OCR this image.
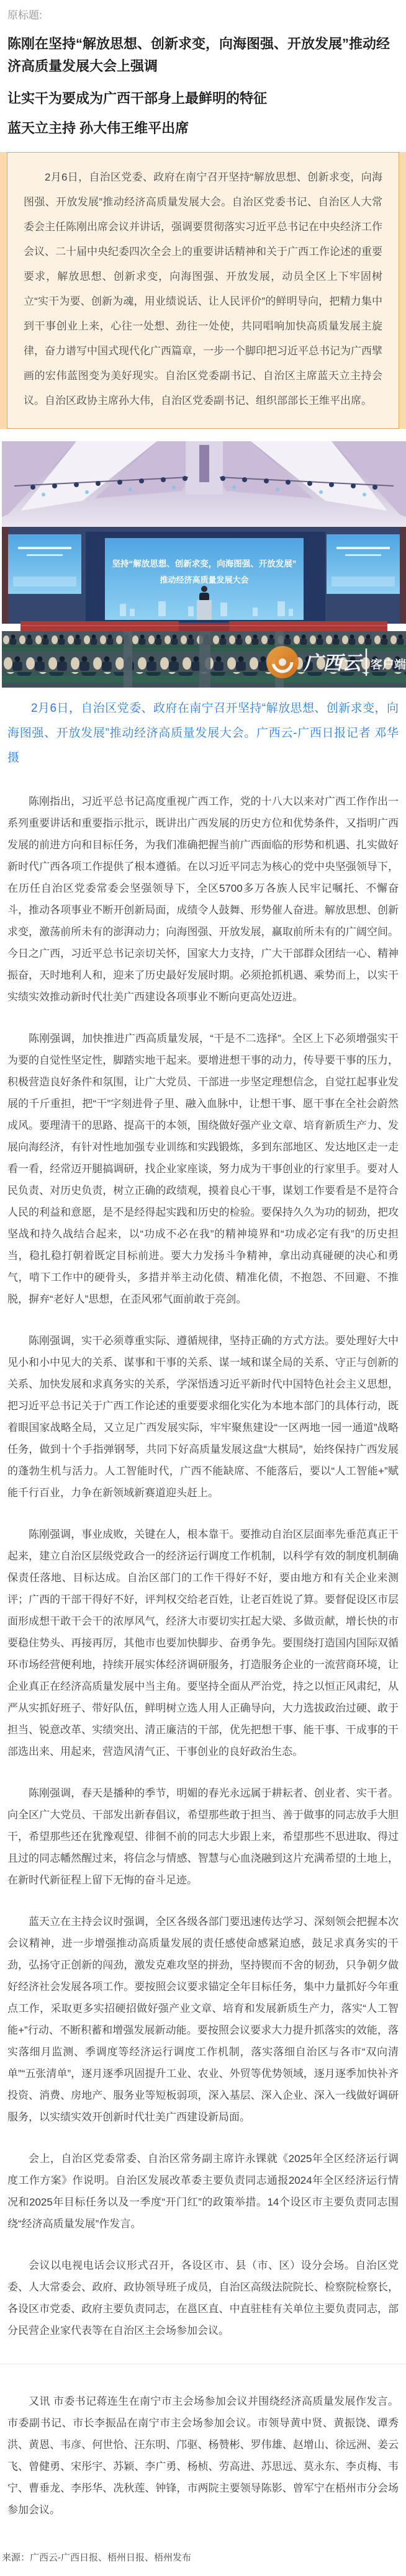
原标题:
陈刚在坚持“解放思想、创新求变，向海图强、开放发展”推动经济高质量发展大会上强调
让实干为要成为广西干部身上最鲜明的特征
蓝天立主持 孙大伟王维平出席

2月6日，自治区党委、政府在南宁召开坚持“解放思想、创新求变，向海图强、开放发展”推动经济高质量发展大会。自治区党委书记、自治区人大常委会主任陈刚出席会议并讲话，强调要贯彻落实习近平总书记在中央经济工作会议、二十届中央纪委四次全会上的重要讲话精神和关于广西工作论述的重要要求，解放思想、创新求变，向海图强、开放发展，动员全区上下牢固树立“实干为要、创新为魂，用业绩说话、让人民评价”的鲜明导向，把精力集中到干事创业上来，心往一处想、劲往一处使，共同唱响加快高质量发展主旋律，奋力谱写中国式现代化广西篇章，一步一个脚印把习近平总书记为广西擘画的宏伟蓝图变为美好现实。自治区党委副书记、自治区主席蓝天立主持会议。自治区政协主席孙大伟，自治区党委副书记、组织部部长王维平出席。

坚持“解放思想、创新求变，向海图强、开放发展”
推动经济高质量发展大会
广西云 客户端

2月6日，自治区党委、政府在南宁召开坚持“解放思想、创新求变，向海图强、开放发展”推动经济高质量发展大会。广西云-广西日报记者 邓华 摄

陈刚指出，习近平总书记高度重视广西工作，党的十八大以来对广西工作作出一系列重要讲话和重要指示批示，既讲出广西发展的历史方位和优势条件，又指明广西发展的前进方向和目标任务，为我们准确把握当前广西面临的形势和机遇、扎实做好新时代广西各项工作提供了根本遵循。在以习近平同志为核心的党中央坚强领导下，在历任自治区党委常委会坚强领导下，全区5700多万各族人民牢记嘱托、不懈奋斗，推动各项事业不断开创新局面，成绩令人鼓舞、形势催人奋进。解放思想、创新求变，激荡前所未有的澎湃动力；向海图强、开放发展，赢取前所未有的广阔空间。今日之广西，习近平总书记亲切关怀，国家大力支持，广大干部群众团结一心、精神振奋，天时地利人和，迎来了历史最好发展时期。必须抢抓机遇、乘势而上，以实干实绩实效推动新时代壮美广西建设各项事业不断向更高处迈进。

陈刚强调，加快推进广西高质量发展，“干是不二选择”。全区上下必须增强实干为要的自觉性坚定性，脚踏实地干起来。要增进想干事的动力，传导要干事的压力，积极营造良好条件和氛围，让广大党员、干部进一步坚定理想信念，自觉扛起事业发展的千斤重担，把“干”字刻进骨子里、融入血脉中，让想干事、愿干事在全社会蔚然成风。要理清干的思路、提高干的本领，围绕做好强产业文章、培育新质生产力、发展向海经济，有针对性地加强专业训练和实践锻炼，多到东部地区、发达地区走一走看一看，经常迈开腿搞调研，找企业家座谈，努力成为干事创业的行家里手。要对人民负责、对历史负责，树立正确的政绩观，摸着良心干事，谋划工作要看是不是符合人民的利益和意愿，是不是经得起实践和历史的检验。要保持久久为功的韧劲，把攻坚战和持久战结合起来，以“功成不必在我”的精神境界和“功成必定有我”的历史担当，稳扎稳打朝着既定目标前进。要大力发扬斗争精神，拿出动真碰硬的决心和勇气，啃下工作中的硬骨头，多措并举主动化债、精准化债，不抱怨、不回避、不推脱，摒弃“老好人”思想，在歪风邪气面前敢于亮剑。

陈刚强调，实干必须尊重实际、遵循规律，坚持正确的方式方法。要处理好大中见小和小中见大的关系、谋事和干事的关系、谋一域和谋全局的关系、守正与创新的关系、加快发展和求真务实的关系，学深悟透习近平新时代中国特色社会主义思想，把习近平总书记关于广西工作论述的重要要求细化实化为本地本部门的具体行动，既着眼国家战略全局，又立足广西发展实际，牢牢聚焦建设“一区两地一园一通道”战略任务，做到十个手指弹钢琴，共同下好高质量发展这盘“大棋局”，始终保持广西发展的蓬勃生机与活力。人工智能时代，广西不能缺席、不能落后，要以“人工智能+”赋能千行百业，力争在新领域新赛道迎头赶上。

陈刚强调，事业成败，关键在人，根本靠干。要推动自治区层面率先垂范真正干起来，建立自治区层级党政合一的经济运行调度工作机制，以科学有效的制度机制确保责任落地、目标达成。自治区部门的工作干得好不好，要由地方和有关企业来测评；广西的干部干得好不好，评判权交给老百姓，让老百姓说了算。要督促设区市层面形成想干敢干会干的浓厚风气，经济大市要切实扛起大梁、多做贡献，增长快的市要稳住势头、再接再厉，其他市也要加快脚步、奋勇争先。要围绕打造国内国际双循环市场经营便利地，持续开展实体经济调研服务，打造服务企业的一流营商环境，让企业真正在经济高质量发展中当主角。要坚持全面从严治党，持之以恒正风肃纪，从严从实抓好班子、带好队伍，鲜明树立选人用人正确导向，大力选拔政治过硬、敢于担当、锐意改革、实绩突出、清正廉洁的干部，优先把想干事、能干事、干成事的干部选出来、用起来，营造风清气正、干事创业的良好政治生态。

陈刚强调，春天是播种的季节，明媚的春光永远属于耕耘者、创业者、实干者。向全区广大党员、干部发出新春倡议，希望那些敢于担当、善于做事的同志放手大胆干，希望那些还在犹豫观望、徘徊不前的同志大步跟上来，希望那些不思进取、得过且过的同志幡然醒过来，将信念与情感、智慧与心血浇融到这片充满希望的土地上，在新时代新征程上留下无悔的奋斗足迹。

蓝天立在主持会议时强调，全区各级各部门要迅速传达学习、深刻领会把握本次会议精神，进一步增强推动高质量发展的责任感使命感紧迫感，鼓足求真务实的干劲，弘扬守正创新的闯劲，激发克难攻坚的拼劲，坚持锲而不舍的韧劲，只争朝夕做好经济社会发展各项工作。要按照会议要求锚定全年目标任务，集中力量抓好今年重点工作，采取更多实招硬招做好强产业文章、培育和发展新质生产力，落实“人工智能+”行动、不断积蓄和增强发展新动能。要按照会议要求大力提升抓落实的效能，落实落细月监测、季调度等经济运行调度工作机制，落实落细自治区与各市“双向清单”“五张清单”，逐月逐季巩固提升工业、农业、外贸等优势领域，逐月逐季加快补齐投资、消费、房地产、服务业等短板弱项，深入基层、深入企业、深入一线做好调研服务，以实绩实效开创新时代壮美广西建设新局面。

会上，自治区党委常委、自治区常务副主席许永锞就《2025年全区经济运行调度工作方案》作说明。自治区发展改革委主要负责同志通报2024年全区经济运行情况和2025年目标任务以及一季度“开门红”的政策举措。14个设区市主要负责同志围绕“经济高质量发展”作发言。

会议以电视电话会议形式召开，各设区市、县（市、区）设分会场。自治区党委、人大常委会、政府、政协领导班子成员，自治区高级法院院长、检察院检察长，各设区市党委、政府主要负责同志，在邕区直、中直驻桂有关单位主要负责同志，部分民营企业家代表等在自治区主会场参加会议。

又讯 市委书记蒋连生在南宁市主会场参加会议并围绕经济高质量发展作发言。市委副书记、市长李振品在南宁市主会场参加会议。市领导黄中贤、黄振饶、谭秀洪、黄恩、韦彦、何世恰、汪东明、邝驱、杨赞彬、罗伟雄、赵增山、徐远洲、姜云飞、曾健勇、宋彤宇、苏颖、李广勇、杨桢、劳高进、苏思远、莫永东、李贞梅、韦宁、曹垂龙、李彤华、冼秋莲、钟锋，市两院主要领导陈影、曾军宁在梧州市分会场参加会议。

来源：广西云-广西日报、梧州日报、梧州发布
